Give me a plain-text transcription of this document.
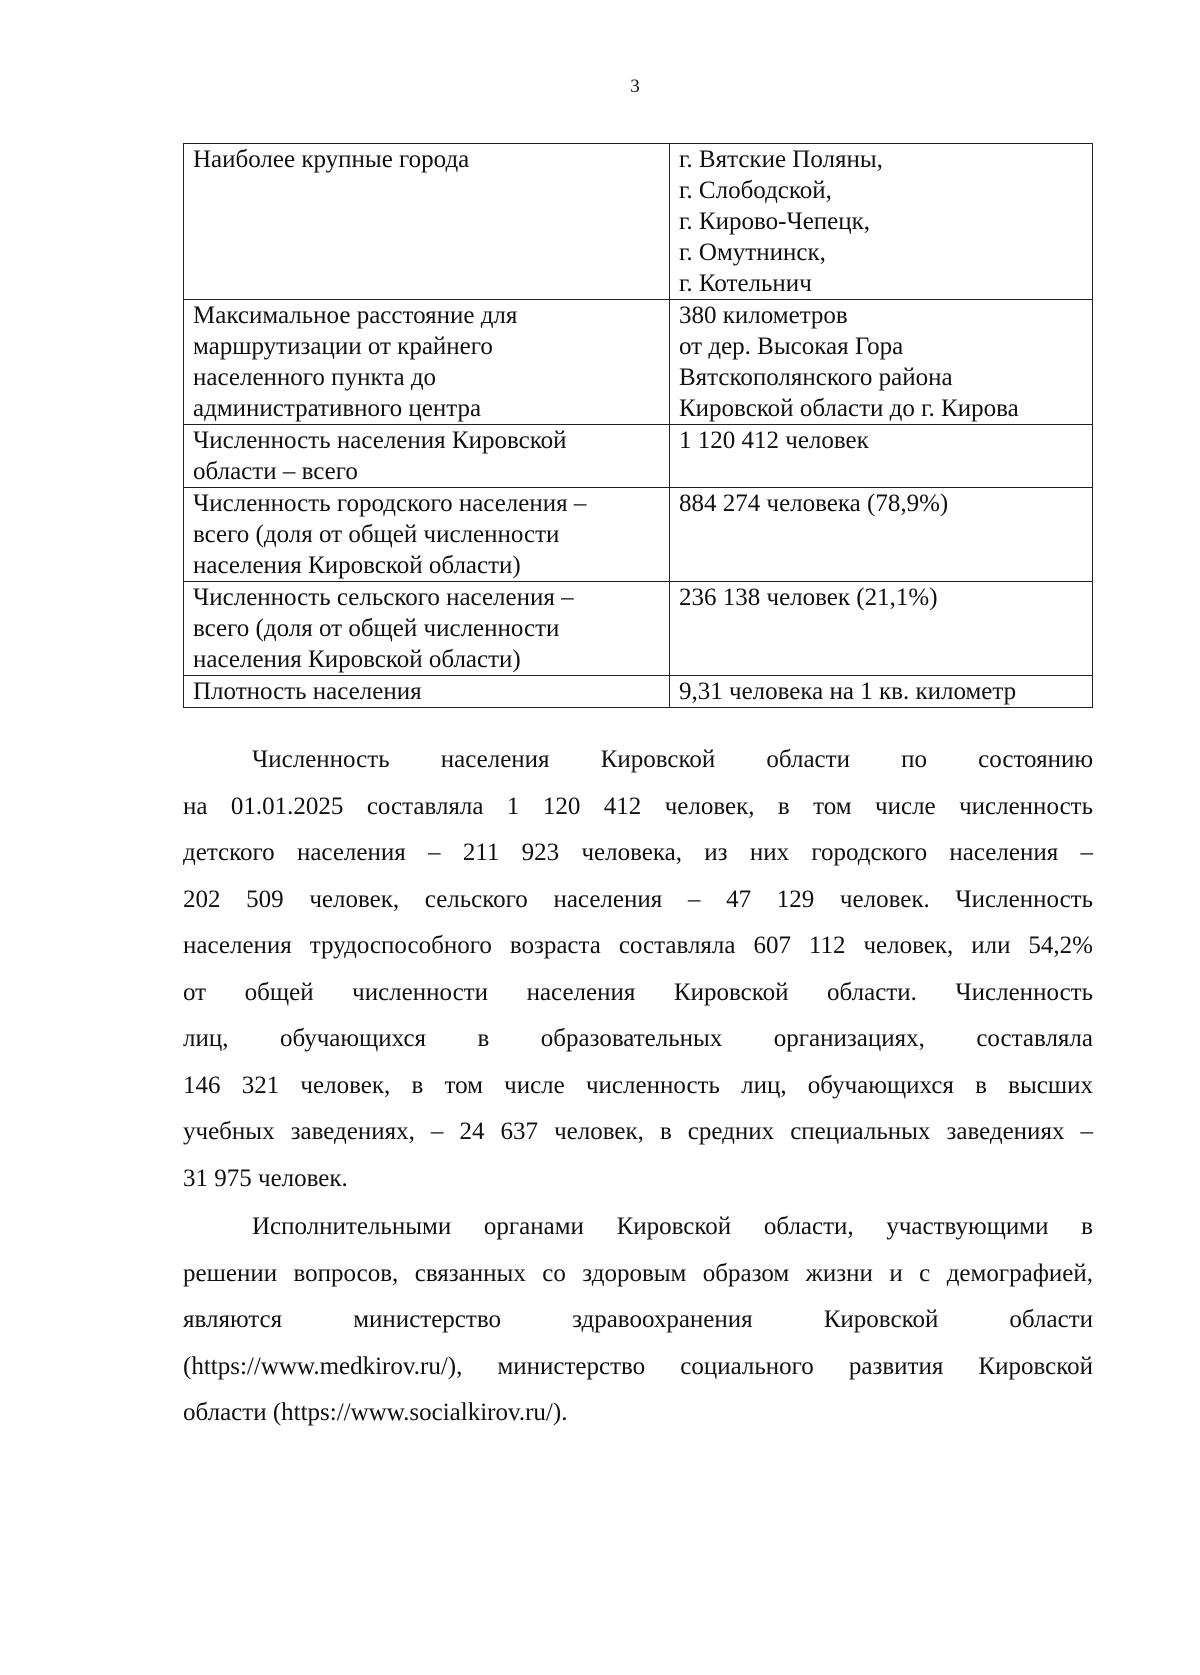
3
Наиболее крупные города	г. Вятские Поляны,
г. Слободской,
г. Кирово-Чепецк,
г. Омутнинск,
г. Котельнич

Максимальное расстояние для
маршрутизации от крайнего
населенного пункта до
административного центра	380 километров
от дер. Высокая Гора
Вятскополянского района
Кировской области до г. Кирова

Численность населения Кировской
области – всего	1 120 412 человек

Численность городского населения –
всего (доля от общей численности
населения Кировской области)	884 274 человека (78,9%)

Численность сельского населения –
всего (доля от общей численности
населения Кировской области)	236 138 человек (21,1%)

Плотность населения	9,31 человека на 1 кв. километр
Численность населения Кировской области по состоянию
на 01.01.2025 составляла 1 120 412 человек, в том числе численность
детского населения – 211 923 человека, из них городского населения –
202 509 человек, сельского населения – 47 129 человек. Численность
населения трудоспособного возраста составляла 607 112 человек, или 54,2%
от общей численности населения Кировской области. Численность
лиц, обучающихся в образовательных организациях, составляла
146 321 человек, в том числе численность лиц, обучающихся в высших
учебных заведениях, – 24 637 человек, в средних специальных заведениях –
31 975 человек.
Исполнительными органами Кировской области, участвующими в
решении вопросов, связанных со здоровым образом жизни и с демографией,
являются министерство здравоохранения Кировской области
(https://www.medkirov.ru/), министерство социального развития Кировской
области (https://www.socialkirov.ru/).
